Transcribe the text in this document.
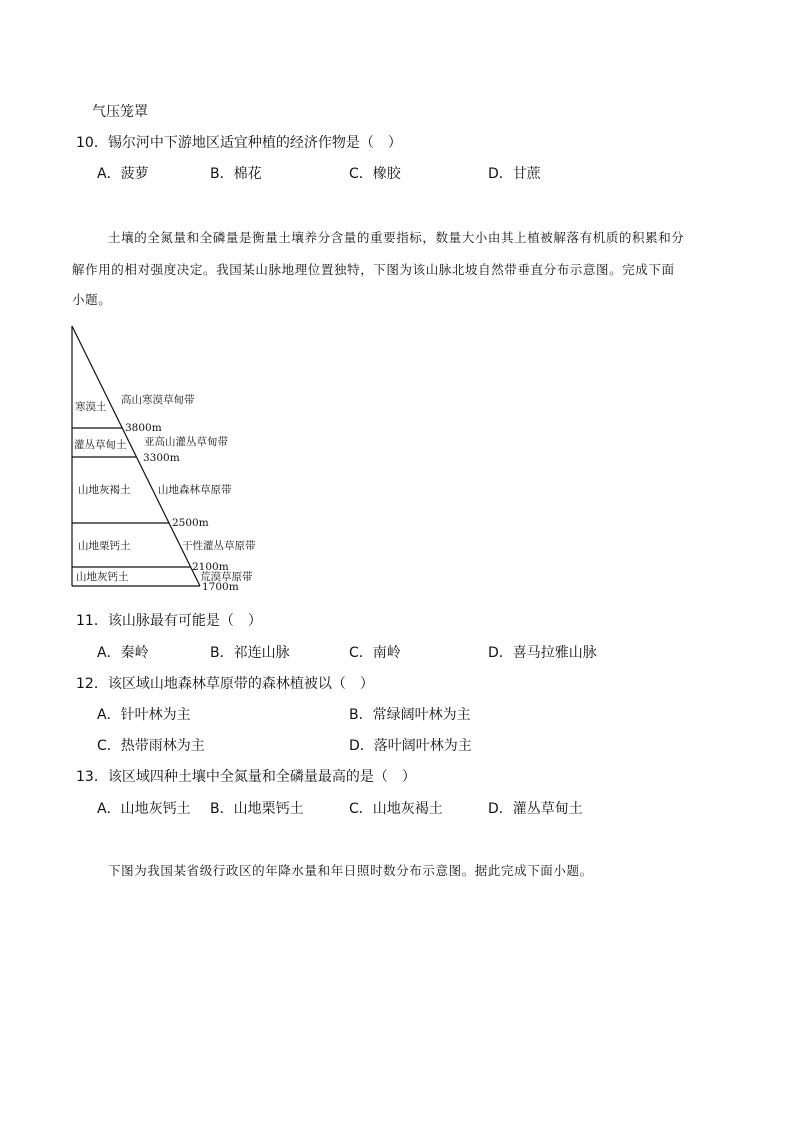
气压笼罩
10．锡尔河中下游地区适宜种植的经济作物是（　）
A．菠萝	B．棉花	C．橡胶	D．甘蔗
土壤的全氮量和全磷量是衡量土壤养分含量的重要指标，数量大小由其上植被解落有机质的积累和分
解作用的相对强度决定。我国某山脉地理位置独特，下图为该山脉北坡自然带垂直分布示意图。完成下面
小题。
寒漠土
灌丛草甸土
山地灰褐土
山地栗钙土
山地灰钙土
高山寒漠草甸带
亚高山灌丛草甸带
山地森林草原带
干性灌丛草原带
荒漠草原带
3800m
3300m
2500m
2100m
1700m
11．该山脉最有可能是（　）
A．秦岭	B．祁连山脉	C．南岭	D．喜马拉雅山脉
12．该区域山地森林草原带的森林植被以（　）
A．针叶林为主	B．常绿阔叶林为主
C．热带雨林为主	D．落叶阔叶林为主
13．该区域四种土壤中全氮量和全磷量最高的是（　）
A．山地灰钙土 B．山地栗钙土	C．山地灰褐土	D．灌丛草甸土
下图为我国某省级行政区的年降水量和年日照时数分布示意图。据此完成下面小题。
